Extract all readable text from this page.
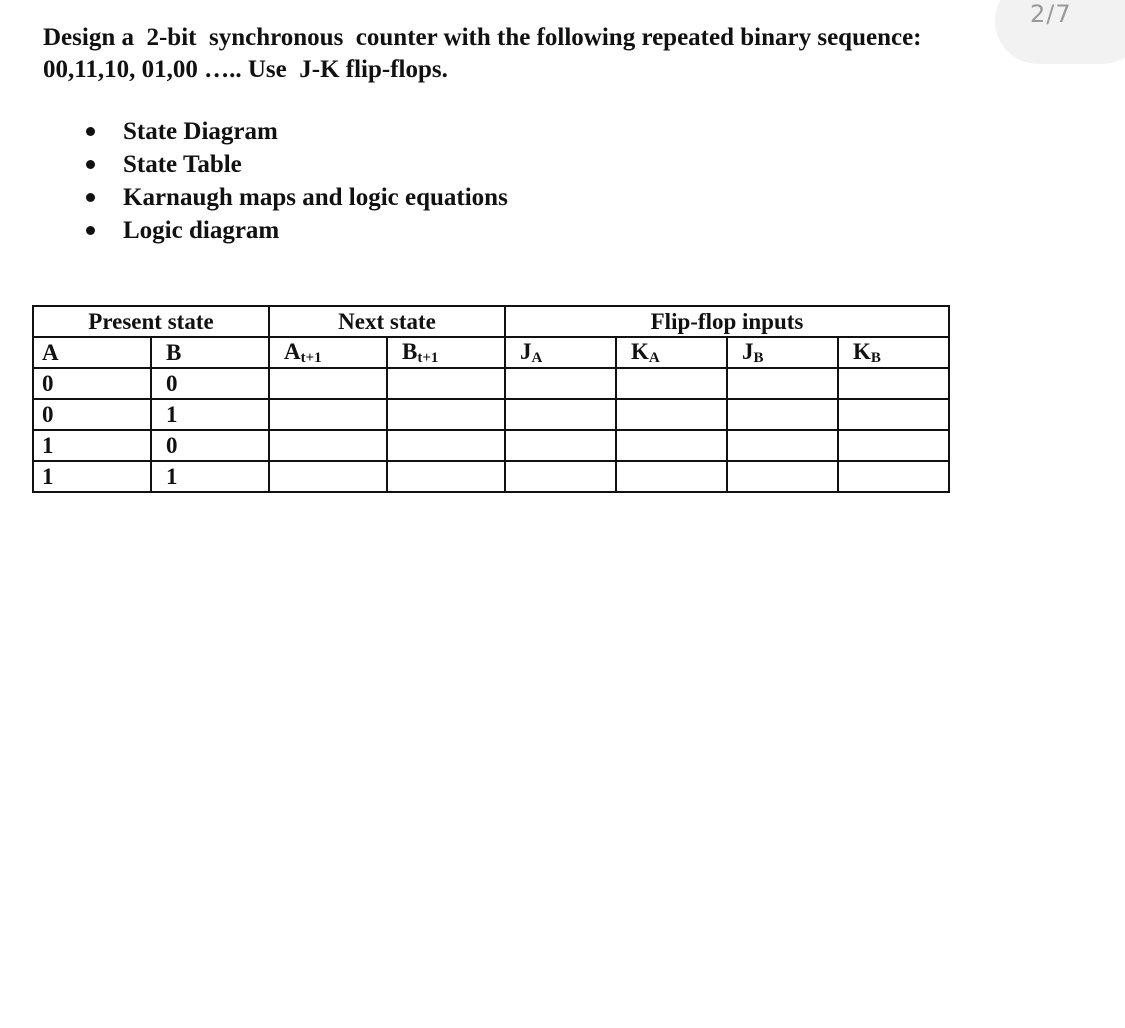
2/7
Design a  2-bit  synchronous  counter with the following repeated binary sequence:
00,11,10, 01,00 ….. Use  J-K flip-flops.
State Diagram
State Table
Karnaugh maps and logic equations
Logic diagram
Present state		Next state		Flip-flop inputs			
A	B	$A_{t+1}$	$B_{t+1}$	$J_A$	$K_A$	$J_B$	$K_B$
0	0						
0	1						
1	0						
1	1						
